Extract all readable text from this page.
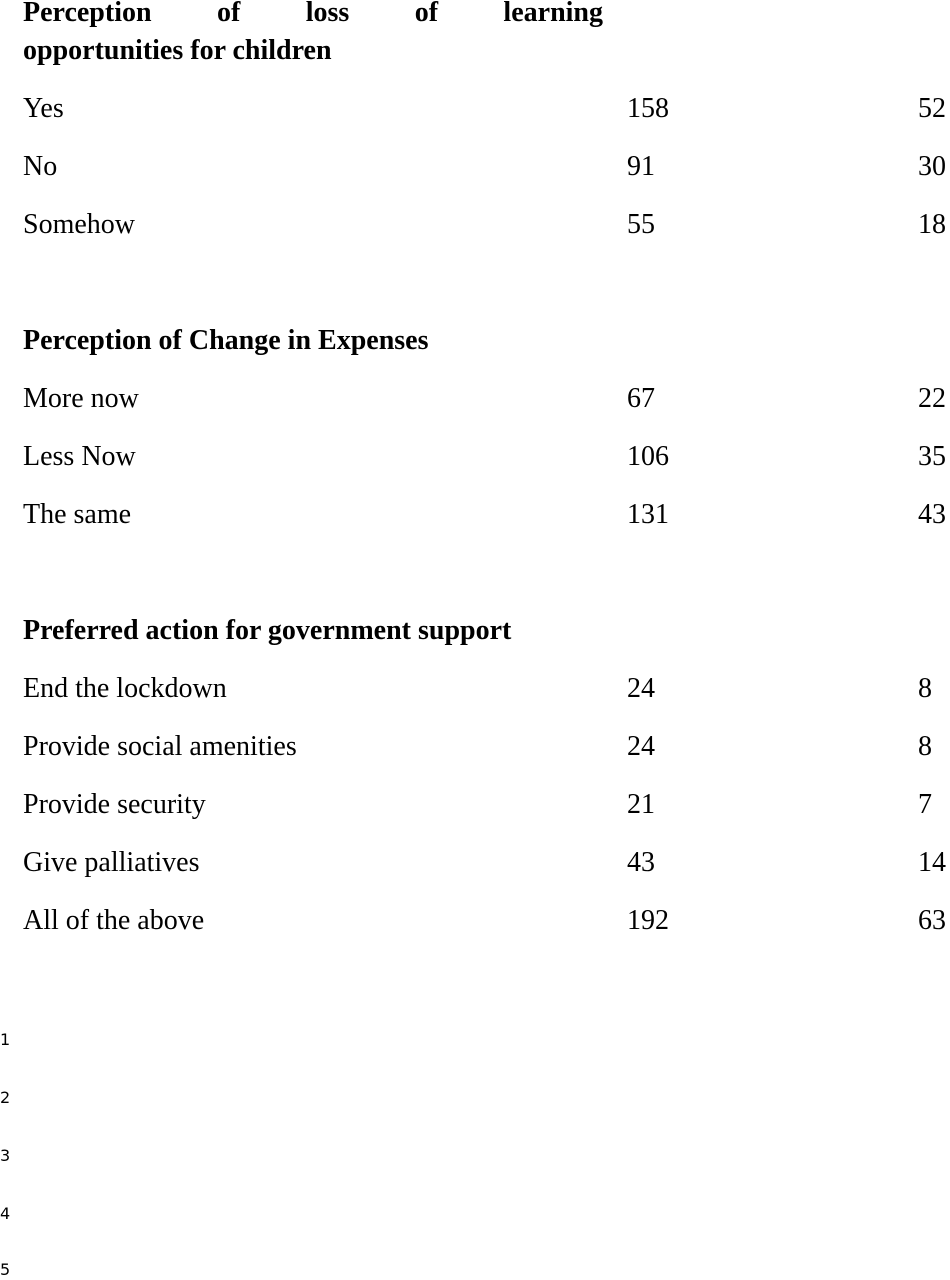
Perception of loss of learning
opportunities for children
Yes	158	52
No	91	30
Somehow	55	18
Perception of Change in Expenses
More now	67	22
Less Now	106	35
The same	131	43
Preferred action for government support
End the lockdown	24	8
Provide social amenities	24	8
Provide security	21	7
Give palliatives	43	14
All of the above	192	63
1
2
3
4
5
